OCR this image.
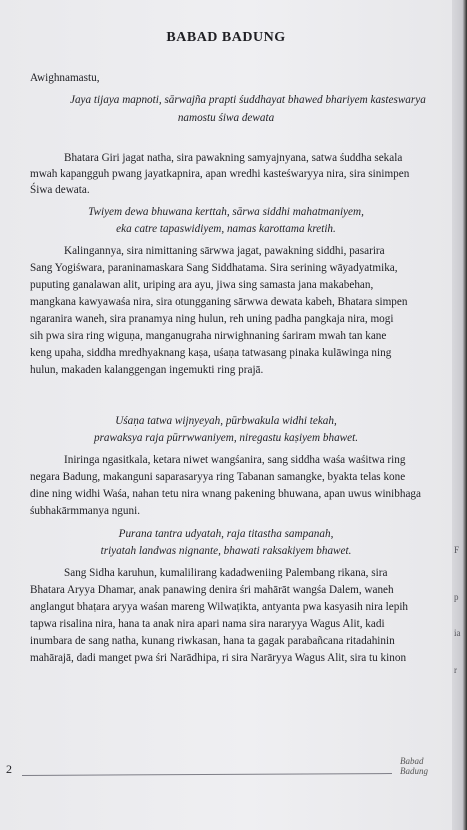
BABAD BADUNG
Awighnamastu,
Jaya tijaya mapnoti, sārwajña prapti śuddhayat bhawed bhariyem kasteswarya
namostu śiwa dewata
Bhatara Giri jagat natha, sira pawakning samyajnyana, satwa śuddha sekala
mwah kapangguh pwang jayatkapnira, apan wredhi kasteśwaryya nira, sira sinimpen
Śiwa dewata.
Twiyem dewa bhuwana kerttah, sārwa siddhi mahatmaniyem,
eka catre tapaswidiyem, namas karottama kretih.
Kalingannya, sira nimittaning sārwwa jagat, pawakning siddhi, pasarira
Sang Yogiśwara, paraninamaskara Sang Siddhatama. Sira serining wāyadyatmika,
puputing ganalawan alit, uriping ara ayu, jiwa sing samasta jana makabehan,
mangkana kawyawaśa nira, sira otungganing sārwwa dewata kabeh, Bhatara simpen
ngaranira waneh, sira pranamya ning hulun, reh uning padha pangkaja nira, mogi
sih pwa sira ring wiguṇa, manganugraha nirwighnaning śariram mwah tan kane
keng upaha, siddha mredhyaknang kaṣa, uśaṇa tatwasang pinaka kulāwinga ning
hulun, makaden kalanggengan ingemukti ring prajā.
Uśaṇa tatwa wijnyeyah, pūrbwakula widhi tekah,
prawaksya raja pūrrwwaniyem, niregastu kaṣiyem bhawet.
Iniringa ngasitkala, ketara niwet wangśanira, sang siddha waśa waśitwa ring
negara Badung, makanguni saparasaryya ring Tabanan samangke, byakta telas kone
dine ning widhi Waśa, nahan tetu nira wnang pakening bhuwana, apan uwus winibhaga
śubhakārmmanya nguni.
Purana tantra udyatah, raja titastha sampanah,
triyatah landwas nignante, bhawati raksakiyem bhawet.
Sang Sidha karuhun, kumalilirang kadadweniing Palembang rikana, sira
Bhatara Aryya Dhamar, anak panawing denira śri mahārāt wangśa Dalem, waneh
anglangut bhaṭara aryya waśan mareng Wilwaṭikta, antyanta pwa kasyasih nira lepih
tapwa risalina nira, hana ta anak nira apari nama sira nararyya Wagus Alit, kadi
inumbara de sang natha, kunang riwkasan, hana ta gagak parabañcana ritadahinin
mahārajā, dadi manget pwa śri Narādhipa, ri sira Narāryya Wagus Alit, sira tu kinon
2
Babad Badung
F
p
ia
r
